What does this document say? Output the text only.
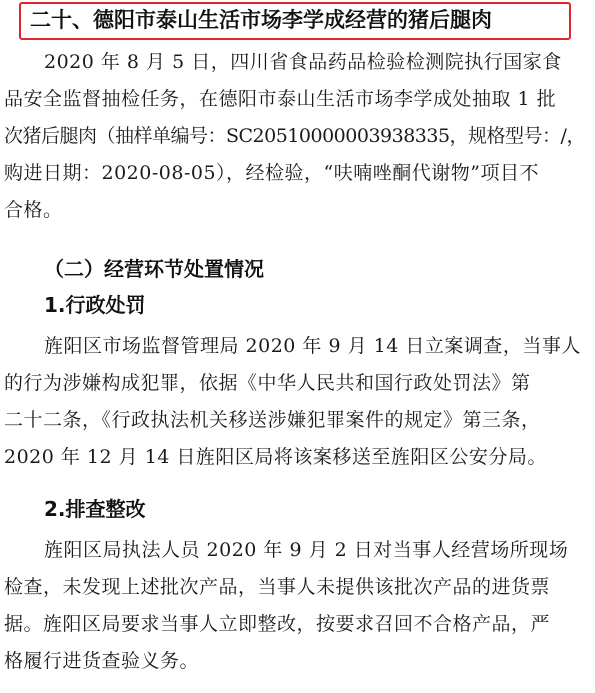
二十、德阳市泰山生活市场李学成经营的猪后腿肉
2020 年 8 月 5 日，四川省食品药品检验检测院执行国家食
品安全监督抽检任务，在德阳市泰山生活市场李学成处抽取 1 批
次猪后腿肉（抽样单编号：SC20510000003938335，规格型号：/，
购进日期：2020-08-05），经检验，“呋喃唑酮代谢物”项目不
合格。
（二）经营环节处置情况
1.行政处罚
旌阳区市场监督管理局 2020 年 9 月 14 日立案调查，当事人
的行为涉嫌构成犯罪，依据《中华人民共和国行政处罚法》第
二十二条，《行政执法机关移送涉嫌犯罪案件的规定》第三条，
2020 年 12 月 14 日旌阳区局将该案移送至旌阳区公安分局。
2.排查整改
旌阳区局执法人员 2020 年 9 月 2 日对当事人经营场所现场
检查，未发现上述批次产品，当事人未提供该批次产品的进货票
据。旌阳区局要求当事人立即整改，按要求召回不合格产品，严
格履行进货查验义务。
